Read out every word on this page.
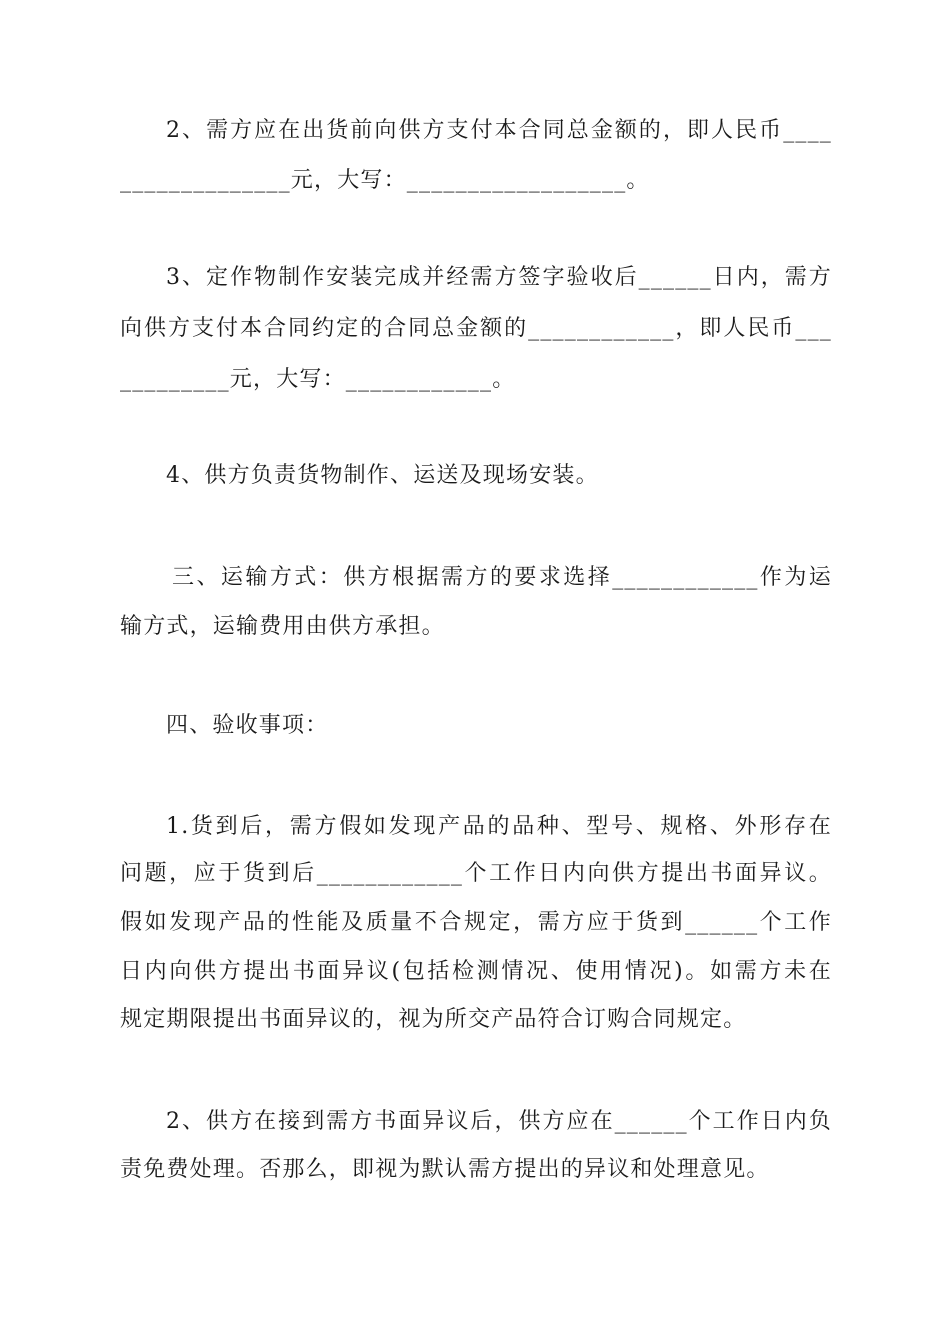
2、需方应在出货前向供方支付本合同总金额的，即人民币____
______________元，大写：__________________。
3、定作物制作安装完成并经需方签字验收后______日内，需方
向供方支付本合同约定的合同总金额的____________，即人民币___
_________元，大写：____________。
4、供方负责货物制作、运送及现场安装。
三、运输方式：供方根据需方的要求选择____________作为运
输方式，运输费用由供方承担。
四、验收事项：
1.货到后，需方假如发现产品的品种、型号、规格、外形存在
问题，应于货到后____________个工作日内向供方提出书面异议。
假如发现产品的性能及质量不合规定，需方应于货到______个工作
日内向供方提出书面异议(包括检测情况、使用情况)。如需方未在
规定期限提出书面异议的，视为所交产品符合订购合同规定。
2、供方在接到需方书面异议后，供方应在______个工作日内负
责免费处理。否那么，即视为默认需方提出的异议和处理意见。
